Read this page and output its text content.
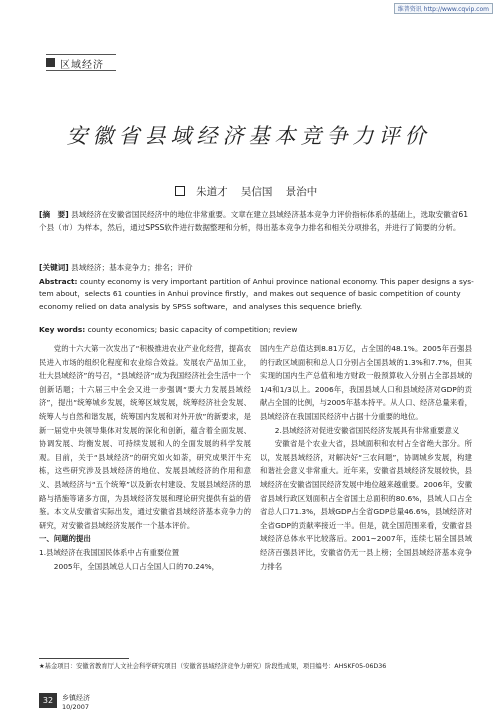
维普资讯 http://www.cqvip.com
区域经济
安徽省县域经济基本竞争力评价
朱道才 吴信国 景治中
[摘　要] 县域经济在安徽省国民经济中的地位非常重要。文章在建立县域经济基本竞争力评价指标体系的基础上，选取安徽省61个县（市）为样本，然后，通过SPSS软件进行数据整理和分析，得出基本竞争力排名和相关分项排名，并进行了简要的分析。
[关键词] 县域经济；基本竞争力；排名；评价
Abstract: county economy is very important partition of Anhui province national economy. This paper designs a sys-tem about，selects 61 counties in Anhui province firstly，and makes out sequence of basic competition of county economy relied on data analysis by SPSS software，and analyses this sequence briefly.
Key words: county economics; basic capacity of competition; review

党的十六大第一次发出了“积极推进农业产业化经营，提高农民进入市场的组织化程度和农业综合效益。发展农产品加工业，壮大县域经济”的号召，“县域经济”成为我国经济社会生活中一个创新话题；十六届三中全会又进一步强调“要大力发展县域经济”，提出“统筹城乡发展，统筹区域发展，统筹经济社会发展、统筹人与自然和谐发展，统筹国内发展和对外开放”的新要求，是新一届党中央领导集体对发展的深化和创新，蕴含着全面发展、协调发展、均衡发展、可持续发展和人的全面发展的科学发展观。目前，关于“县域经济”的研究如火如荼，研究成果汗牛充栋，这些研究涉及县域经济的地位、发展县域经济的作用和意义、县域经济与“五个统筹”以及新农村建设、发展县域经济的思路与措施等诸多方面，为县域经济发展和理论研究提供有益的借鉴。本文从安徽省实际出发，通过安徽省县域经济基本竞争力的研究，对安徽省县域经济发展作一个基本评价。

一、问题的提出

1.县域经济在我国国民体系中占有重要位置

2005年，全国县域总人口占全国人口的70.24%，

国内生产总值达到8.81万亿，占全国的48.1%。2005年百强县的行政区域面积和总人口分别占全国县域的1.3%和7.7%，但其实现的国内生产总值和地方财政一般预算收入分别占全部县域的1/4和1/3以上。2006年，我国县域人口和县域经济对GDP的贡献占全国的比例，与2005年基本持平。从人口、经济总量来看，县域经济在我国国民经济中占据十分重要的地位。

2.县域经济对促进安徽省国民经济发展具有非常重要意义

安徽省是个农业大省，县域面积和农村占全省绝大部分。所以，发展县域经济，对解决好“三农问题”，协调城乡发展，构建和谐社会意义非常重大。近年来，安徽省县域经济发展较快，县域经济在安徽省国民经济发展中地位越来越重要。2006年，安徽省县域行政区划面积占全省国土总面积的80.6%，县域人口占全省总人口71.3%，县域GDP占全省GDP总量46.6%，县域经济对全省GDP的贡献率接近一半。但是，就全国范围来看，安徽省县域经济总体水平比较落后。2001~2007年，连续七届全国县域经济百强县评比，安徽省仍无一县上榜；全国县域经济基本竞争力排名

★基金项目：安徽省教育厅人文社会科学研究项目（安徽省县域经济竞争力研究）阶段性成果，项目编号：AHSKF05-06D36
32	乡镇经济
10/2007
